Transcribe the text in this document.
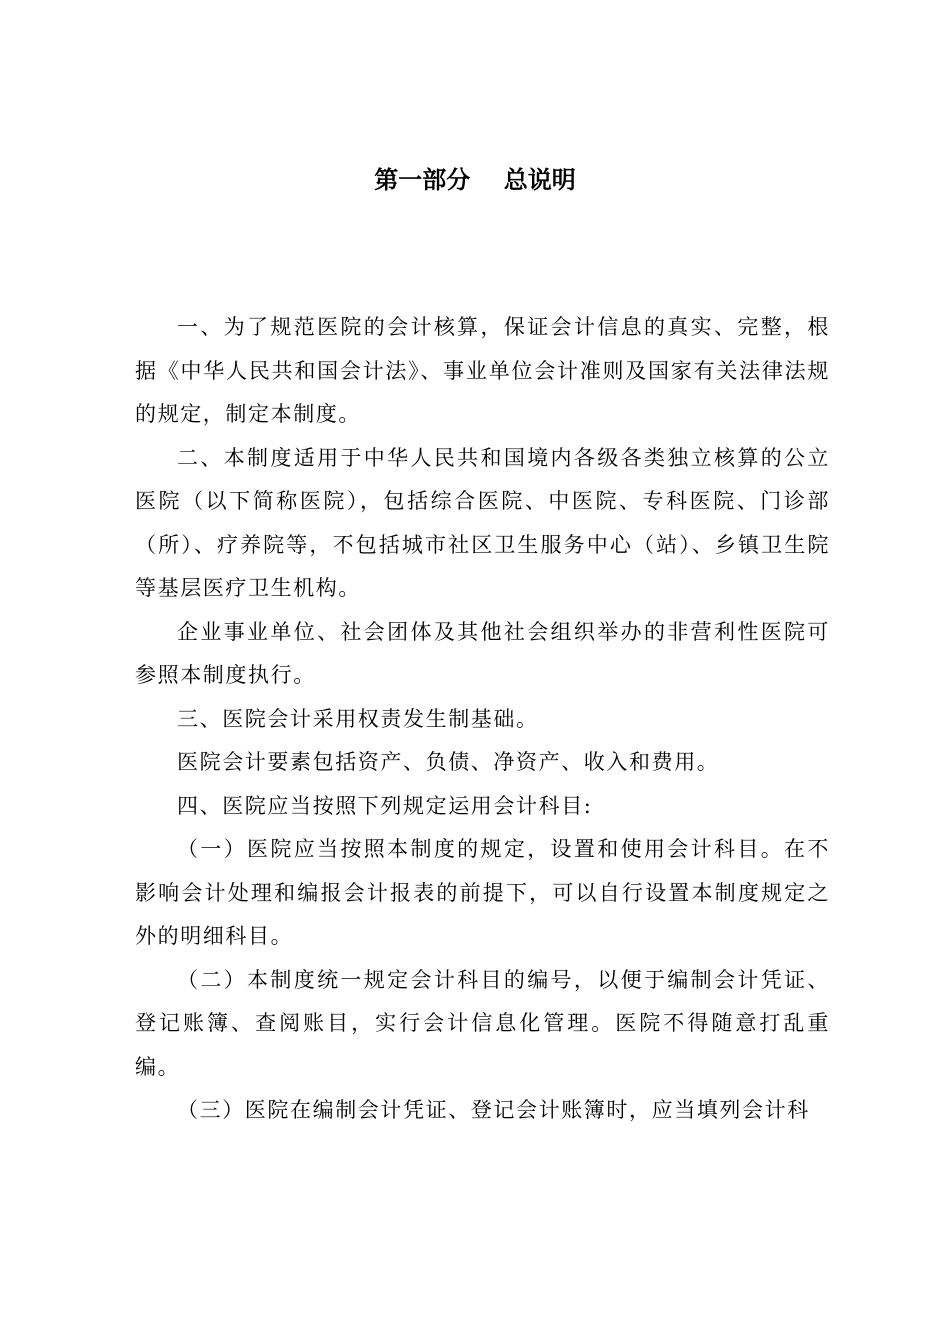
第一部分    总说明

一、为了规范医院的会计核算，保证会计信息的真实、完整，根据《中华人民共和国会计法》、事业单位会计准则及国家有关法律法规的规定，制定本制度。

二、本制度适用于中华人民共和国境内各级各类独立核算的公立医院（以下简称医院），包括综合医院、中医院、专科医院、门诊部（所）、疗养院等，不包括城市社区卫生服务中心（站）、乡镇卫生院等基层医疗卫生机构。

企业事业单位、社会团体及其他社会组织举办的非营利性医院可参照本制度执行。

三、医院会计采用权责发生制基础。

医院会计要素包括资产、负债、净资产、收入和费用。

四、医院应当按照下列规定运用会计科目:

（一）医院应当按照本制度的规定，设置和使用会计科目。在不影响会计处理和编报会计报表的前提下，可以自行设置本制度规定之外的明细科目。

（二）本制度统一规定会计科目的编号，以便于编制会计凭证、登记账簿、查阅账目，实行会计信息化管理。医院不得随意打乱重编。

（三）医院在编制会计凭证、登记会计账簿时，应当填列会计科
